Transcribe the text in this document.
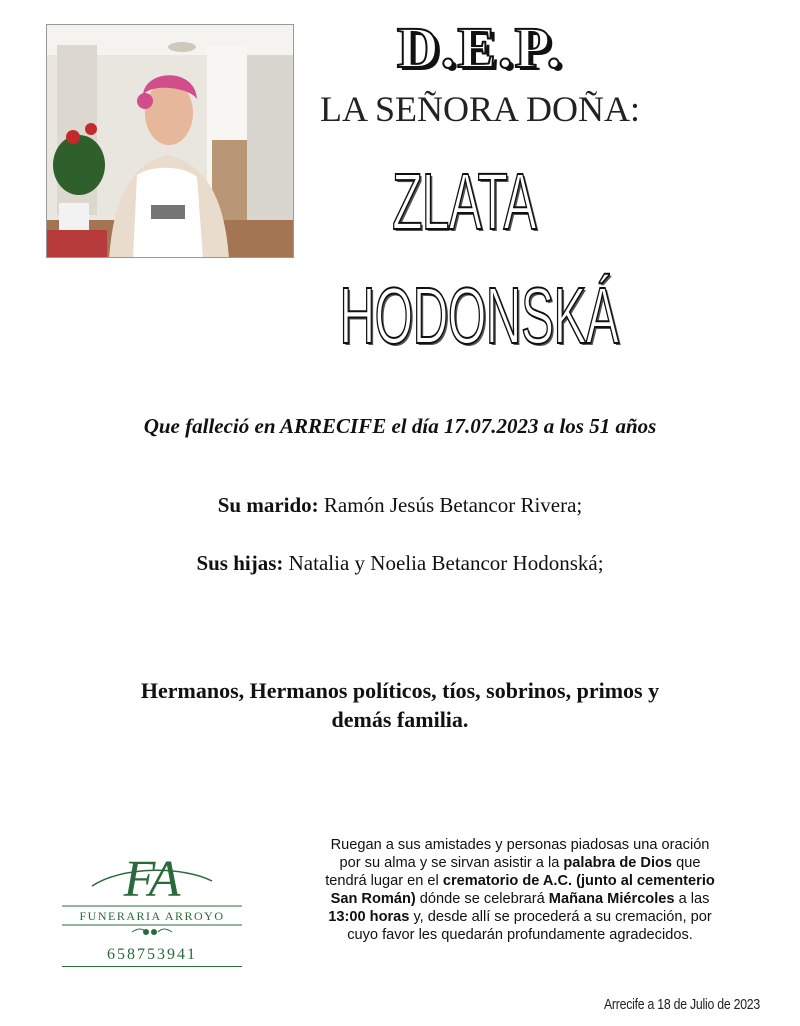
D.E.P.
LA SEÑORA DOÑA:
ZLATA
HODONSKÁ
Que falleció en ARRECIFE el día 17.07.2023 a los 51 años
Su marido: Ramón Jesús Betancor Rivera;
Sus hijas: Natalia y Noelia Betancor Hodonská;
Hermanos, Hermanos políticos, tíos, sobrinos, primos y
demás familia.
FA
FUNERARIA ARROYO
658753941
Ruegan a sus amistades y personas piadosas una oración
por su alma y se sirvan asistir a la palabra de Dios que
tendrá lugar en el crematorio de A.C. (junto al cementerio
San Román) dónde se celebrará Mañana Miércoles a las
13:00 horas y, desde allí se procederá a su cremación, por
cuyo favor les quedarán profundamente agradecidos.
Arrecife a 18 de Julio de 2023
